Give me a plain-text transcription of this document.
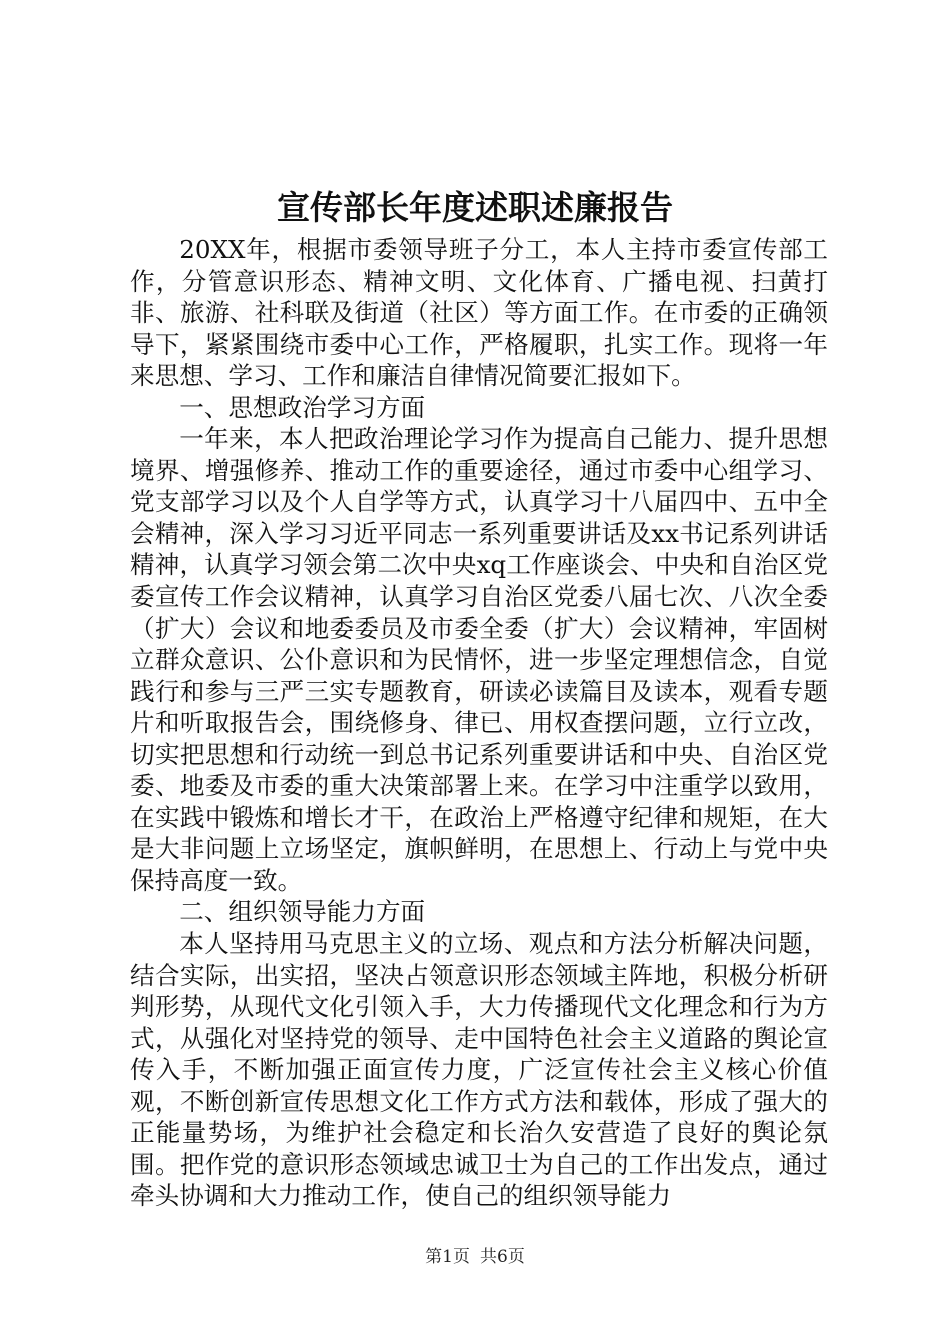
宣传部长年度述职述廉报告

20XX年，根据市委领导班子分工，本人主持市委宣传部工作，分管意识形态、精神文明、文化体育、广播电视、扫黄打非、旅游、社科联及街道（社区）等方面工作。在市委的正确领导下，紧紧围绕市委中心工作，严格履职，扎实工作。现将一年来思想、学习、工作和廉洁自律情况简要汇报如下。

一、思想政治学习方面

一年来，本人把政治理论学习作为提高自己能力、提升思想境界、增强修养、推动工作的重要途径，通过市委中心组学习、党支部学习以及个人自学等方式，认真学习十八届四中、五中全会精神，深入学习习近平同志一系列重要讲话及xx书记系列讲话精神，认真学习领会第二次中央xq工作座谈会、中央和自治区党委宣传工作会议精神，认真学习自治区党委八届七次、八次全委（扩大）会议和地委委员及市委全委（扩大）会议精神，牢固树立群众意识、公仆意识和为民情怀，进一步坚定理想信念，自觉践行和参与三严三实专题教育，研读必读篇目及读本，观看专题片和听取报告会，围绕修身、律已、用权查摆问题，立行立改，切实把思想和行动统一到总书记系列重要讲话和中央、自治区党委、地委及市委的重大决策部署上来。在学习中注重学以致用，在实践中锻炼和增长才干，在政治上严格遵守纪律和规矩，在大是大非问题上立场坚定，旗帜鲜明，在思想上、行动上与党中央保持高度一致。

二、组织领导能力方面

本人坚持用马克思主义的立场、观点和方法分析解决问题，结合实际，出实招，坚决占领意识形态领域主阵地，积极分析研判形势，从现代文化引领入手，大力传播现代文化理念和行为方式，从强化对坚持党的领导、走中国特色社会主义道路的舆论宣传入手，不断加强正面宣传力度，广泛宣传社会主义核心价值观，不断创新宣传思想文化工作方式方法和载体，形成了强大的正能量势场，为维护社会稳定和长治久安营造了良好的舆论氛围。把作党的意识形态领域忠诚卫士为自己的工作出发点，通过牵头协调和大力推动工作，使自己的组织领导能力

第1页 共6页
